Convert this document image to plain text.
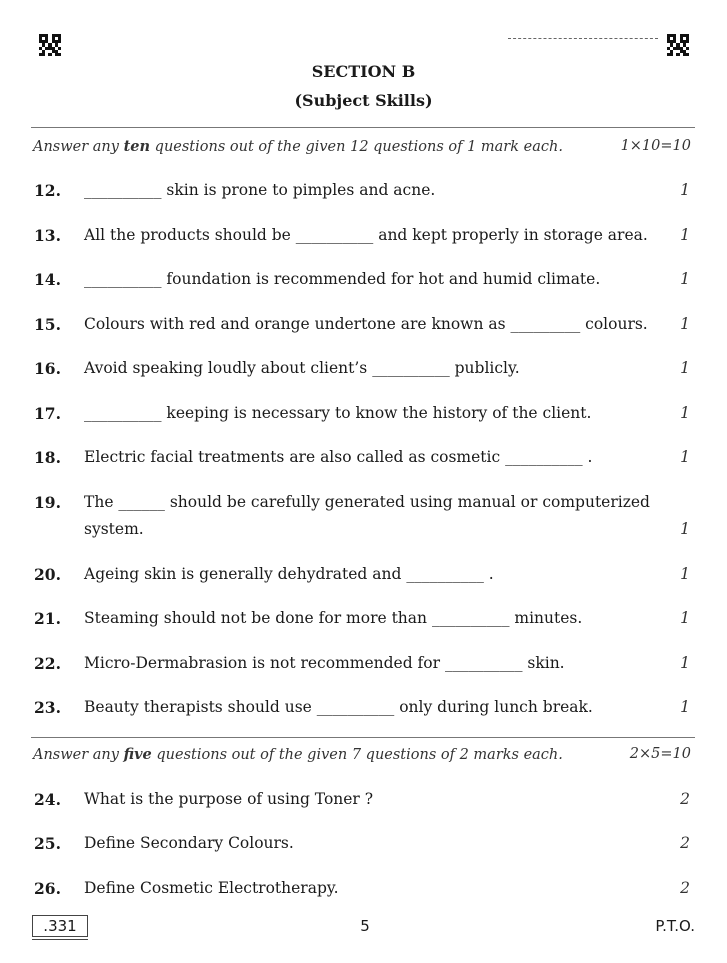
SECTION B
(Subject Skills)
Answer any ten questions out of the given 12 questions of 1 mark each.	1×10=10
12. __________ skin is prone to pimples and acne.	1
13. All the products should be __________ and kept properly in storage area.	1
14. __________ foundation is recommended for hot and humid climate.	1
15. Colours with red and orange undertone are known as _________ colours.	1
16. Avoid speaking loudly about client’s __________ publicly.	1
17. __________ keeping is necessary to know the history of the client.	1
18. Electric facial treatments are also called as cosmetic __________ .	1
19. The ______ should be carefully generated using manual or computerized system.	1
20. Ageing skin is generally dehydrated and __________ .	1
21. Steaming should not be done for more than __________ minutes.	1
22. Micro-Dermabrasion is not recommended for __________ skin.	1
23. Beauty therapists should use __________ only during lunch break.	1
Answer any five questions out of the given 7 questions of 2 marks each.	2×5=10
24. What is the purpose of using Toner ?	2
25. Define Secondary Colours.	2
26. Define Cosmetic Electrotherapy.	2
.331	5	P.T.O.
